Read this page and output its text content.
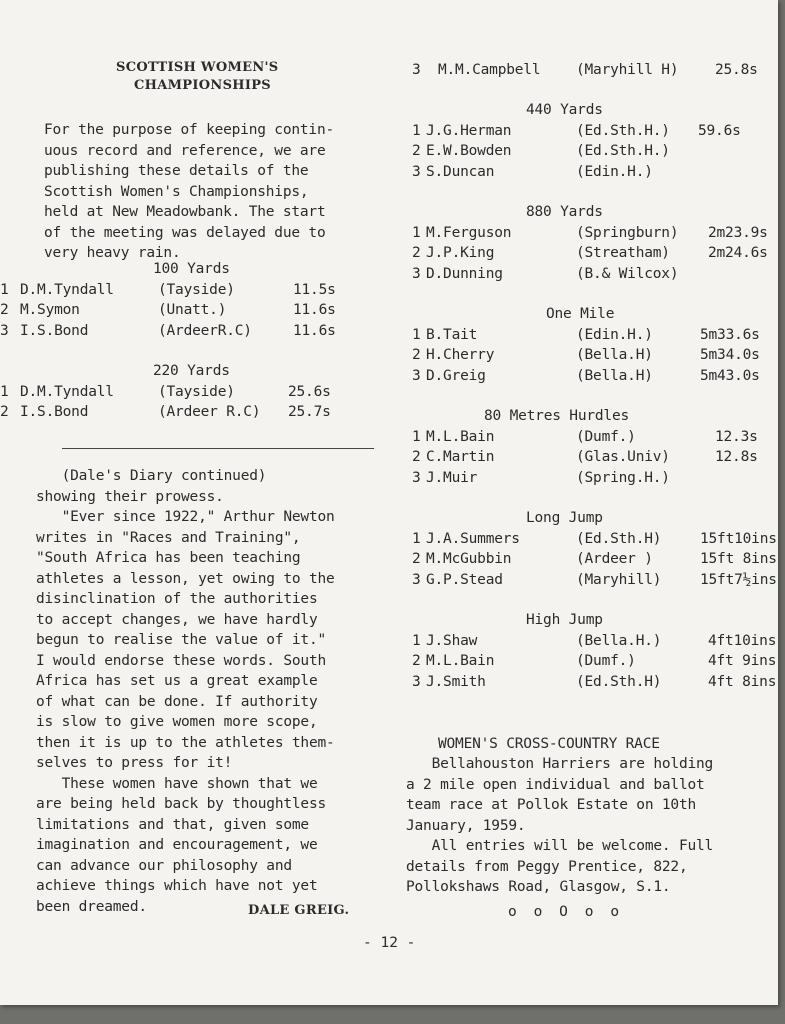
SCOTTISH WOMEN'S
CHAMPIONSHIPS
For the purpose of keeping contin-
uous record and reference, we are
publishing these details of the
Scottish Women's Championships,
held at New Meadowbank. The start
of the meeting was delayed due to
very heavy rain.
100 Yards
1 D.M.Tyndall	(Tayside)	11.5s
2 M.Symon	(Unatt.)	11.6s
3 I.S.Bond	(ArdeerR.C)	11.6s
220 Yards
1 D.M.Tyndall	(Tayside)	25.6s
2 I.S.Bond	(Ardeer R.C) 25.7s
(Dale's Diary continued)
showing their prowess.
"Ever since 1922," Arthur Newton
writes in "Races and Training",
"South Africa has been teaching
athletes a lesson, yet owing to the
disinclination of the authorities
to accept changes, we have hardly
begun to realise the value of it."
I would endorse these words. South
Africa has set us a great example
of what can be done. If authority
is slow to give women more scope,
then it is up to the athletes them-
selves to press for it!
These women have shown that we
are being held back by thoughtless
limitations and that, given some
imagination and encouragement, we
can advance our philosophy and
achieve things which have not yet
been dreamed.	DALE GREIG.
3 M.M.Campbell (Maryhill H)	25.8s
440 Yards
1 J.G.Herman	(Ed.Sth.H.) 59.6s
2 E.W.Bowden	(Ed.Sth.H.)
3 S.Duncan	(Edin.H.)
880 Yards
1 M.Ferguson	(Springburn) 2m23.9s
2 J.P.King	(Streatham)	2m24.6s
3 D.Dunning	(B.& Wilcox)
One Mile
1 B.Tait	(Edin.H.)	5m33.6s
2 H.Cherry	(Bella.H)	5m34.0s
3 D.Greig	(Bella.H)	5m43.0s
80 Metres Hurdles
1 M.L.Bain	(Dumf.)	12.3s
2 C.Martin	(Glas.Univ)	12.8s
3 J.Muir	(Spring.H.)
Long Jump
1 J.A.Summers	(Ed.Sth.H)	15ft10ins
2 M.McGubbin	(Ardeer )	15ft 8ins
3 G.P.Stead	(Maryhill)	15ft7½ins
High Jump
1 J.Shaw	(Bella.H.)	4ft10ins
2 M.L.Bain	(Dumf.)	4ft 9ins
3 J.Smith	(Ed.Sth.H)	4ft 8ins
WOMEN'S CROSS-COUNTRY RACE
Bellahouston Harriers are holding
a 2 mile open individual and ballot
team race at Pollok Estate on 10th
January, 1959.
All entries will be welcome. Full
details from Peggy Prentice, 822,
Pollokshaws Road, Glasgow, S.1.
o  o  O  o  o
- 12 -
